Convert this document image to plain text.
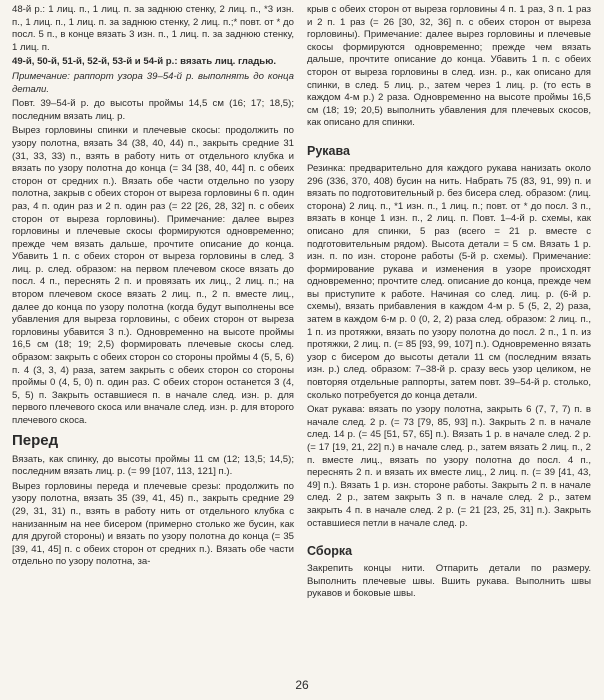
48-й р.: 1 лиц. п., 1 лиц. п. за заднюю стенку, 2 лиц. п., *3 изн. п., 1 лиц. п., 1 лиц. п. за заднюю стенку, 2 лиц. п.;* повт. от * до посл. 5 п., в конце вязать 3 изн. п., 1 лиц. п. за заднюю стенку, 1 лиц. п.

49-й, 50-й, 51-й, 52-й, 53-й и 54-й р.: вязать лиц. гладью.

Примечание: раппорт узора 39–54-й р. выполнять до конца детали.

Повт. 39–54-й р. до высоты проймы 14,5 см (16; 17; 18,5); последним вязать лиц. р.

Вырез горловины спинки и плечевые скосы: продолжить по узору полотна, вязать 34 (38, 40, 44) п., закрыть средние 31 (31, 33, 33) п., взять в работу нить от отдельного клубка и вязать по узору полотна до конца (= 34 [38, 40, 44] п. с обеих сторон от средних п.). Вязать обе части отдельно по узору полотна, закрыв с обеих сторон от выреза горловины 6 п. один раз, 4 п. один раз и 2 п. один раз (= 22 [26, 28, 32] п. с обеих сторон от выреза горловины). Примечание: далее вырез горловины и плечевые скосы формируются одновременно; прежде чем вязать дальше, прочтите описание до конца. Убавить 1 п. с обеих сторон от выреза горловины в след. 3 лиц. р. след. образом: на первом плечевом скосе вязать до посл. 4 п., переснять 2 п. и провязать их лиц., 2 лиц. п.; на втором плечевом скосе вязать 2 лиц. п., 2 п. вместе лиц., далее до конца по узору полотна (когда будут выполнены все убавления для выреза горловины, с обеих сторон от выреза горловины убавится 3 п.). Одновременно на высоте проймы 16,5 см (18; 19; 2,5) формировать плечевые скосы след. образом: закрыть с обеих сторон со стороны проймы 4 (5, 5, 6) п. 4 (3, 3, 4) раза, затем закрыть с обеих сторон со стороны проймы 0 (4, 5, 0) п. один раз. С обеих сторон останется 3 (4, 5, 5) п. Закрыть оставшиеся п. в начале след. изн. р. для первого плечевого скоса или вначале след. изн. р. для второго плечевого скоса.

Перед

Вязать, как спинку, до высоты проймы 11 см (12; 13,5; 14,5); последним вязать лиц. р. (= 99 [107, 113, 121] п.).

Вырез горловины переда и плечевые срезы: продолжить по узору полотна, вязать 35 (39, 41, 45) п., закрыть средние 29 (29, 31, 31) п., взять в работу нить от отдельного клубка с нанизанным на нее бисером (примерно столько же бусин, как для другой стороны) и вязать по узору полотна до конца (= 35 [39, 41, 45] п. с обеих сторон от средних п.). Вязать обе части отдельно по узору полотна, за-

крыв с обеих сторон от выреза горловины 4 п. 1 раз, 3 п. 1 раз и 2 п. 1 раз (= 26 [30, 32, 36] п. с обеих сторон от выреза горловины). Примечание: далее вырез горловины и плечевые скосы формируются одновременно; прежде чем вязать дальше, прочтите описание до конца. Убавить 1 п. с обеих сторон от выреза горловины в след. изн. р., как описано для спинки, в след. 5 лиц. р., затем через 1 лиц. р. (то есть в каждом 4-м р.) 2 раза. Одновременно на высоте проймы 16,5 см (18; 19; 20,5) выполнить убавления для плечевых скосов, как описано для спинки.

Рукава

Резинка: предварительно для каждого рукава нанизать около 296 (336, 370, 408) бусин на нить. Набрать 75 (83, 91, 99) п. и вязать по подготовительный р. без бисера след. образом: (лиц. сторона) 2 лиц. п., *1 изн. п., 1 лиц. п.; повт. от * до посл. 3 п., вязать в конце 1 изн. п., 2 лиц. п. Повт. 1–4-й р. схемы, как описано для спинки, 5 раз (всего = 21 р. вместе с подготовительным рядом). Высота детали = 5 см. Вязать 1 р. изн. п. по изн. стороне работы (5-й р. схемы). Примечание: формирование рукава и изменения в узоре происходят одновременно; прочтите след. описание до конца, прежде чем вы приступите к работе. Начиная со след. лиц. р. (6-й р. схемы), вязать прибавления в каждом 4-м р. 5 (5, 2, 2) раза, затем в каждом 6-м р. 0 (0, 2, 2) раза след. образом: 2 лиц. п., 1 п. из протяжки, вязать по узору полотна до посл. 2 п., 1 п. из протяжки, 2 лиц. п. (= 85 [93, 99, 107] п.). Одновременно вязать узор с бисером до высоты детали 11 см (последним вязать изн. р.) след. образом: 7–38-й р. сразу весь узор целиком, не повторяя отдельные раппорты, затем повт. 39–54-й р. столько, сколько потребуется до конца детали.

Окат рукава: вязать по узору полотна, закрыть 6 (7, 7, 7) п. в начале след. 2 р. (= 73 [79, 85, 93] п.). Закрыть 2 п. в начале след. 14 р. (= 45 [51, 57, 65] п.). Вязать 1 р. в начале след. 2 р. (= 17 [19, 21, 22] п.) в начале след. р., затем вязать 2 лиц. п., 2 п. вместе лиц., вязать по узору полотна до посл. 4 п., переснять 2 п. и вязать их вместе лиц., 2 лиц. п. (= 39 [41, 43, 49] п.). Вязать 1 р. изн. стороне работы. Закрыть 2 п. в начале след. 2 р., затем закрыть 3 п. в начале след. 2 р., затем закрыть 4 п. в начале след. 2 р. (= 21 [23, 25, 31] п.). Закрыть оставшиеся петли в начале след. р.

Сборка

Закрепить концы нити. Отпарить детали по размеру. Выполнить плечевые швы. Вшить рукава. Выполнить швы рукавов и боковые швы.

26
